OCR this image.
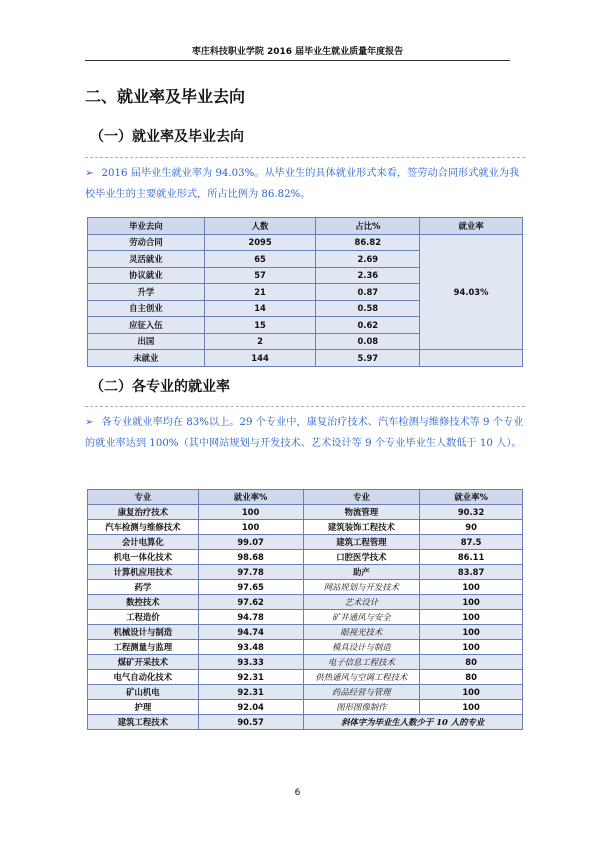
枣庄科技职业学院 2016 届毕业生就业质量年度报告
二、就业率及毕业去向
（一）就业率及毕业去向
➢ 2016 届毕业生就业率为 94.03%。从毕业生的具体就业形式来看，签劳动合同形式就业为我校毕业生的主要就业形式，所占比例为 86.82%。
毕业去向	人数	占比%	就业率
劳动合同	2095	86.82	94.03%
灵活就业	65	2.69	
协议就业	57	2.36	
升学	21	0.87	
自主创业	14	0.58	
应征入伍	15	0.62	
出国	2	0.08	
未就业	144	5.97	
（二）各专业的就业率
➢ 各专业就业率均在 83%以上。29 个专业中，康复治疗技术、汽车检测与维修技术等 9 个专业的就业率达到 100%（其中网站规划与开发技术、艺术设计等 9 个专业毕业生人数低于 10 人）。
专业	就业率%	专业	就业率%
康复治疗技术	100	物流管理	90.32
汽车检测与维修技术	100	建筑装饰工程技术	90
会计电算化	99.07	建筑工程管理	87.5
机电一体化技术	98.68	口腔医学技术	86.11
计算机应用技术	97.78	助产	83.87
药学	97.65	网站规划与开发技术	100
数控技术	97.62	艺术设计	100
工程造价	94.78	矿井通风与安全	100
机械设计与制造	94.74	眼视光技术	100
工程测量与监理	93.48	模具设计与制造	100
煤矿开采技术	93.33	电子信息工程技术	80
电气自动化技术	92.31	供热通风与空调工程技术	80
矿山机电	92.31	药品经营与管理	100
护理	92.04	图形图像制作	100
建筑工程技术	90.57	斜体字为毕业生人数少于 10 人的专业	
6
